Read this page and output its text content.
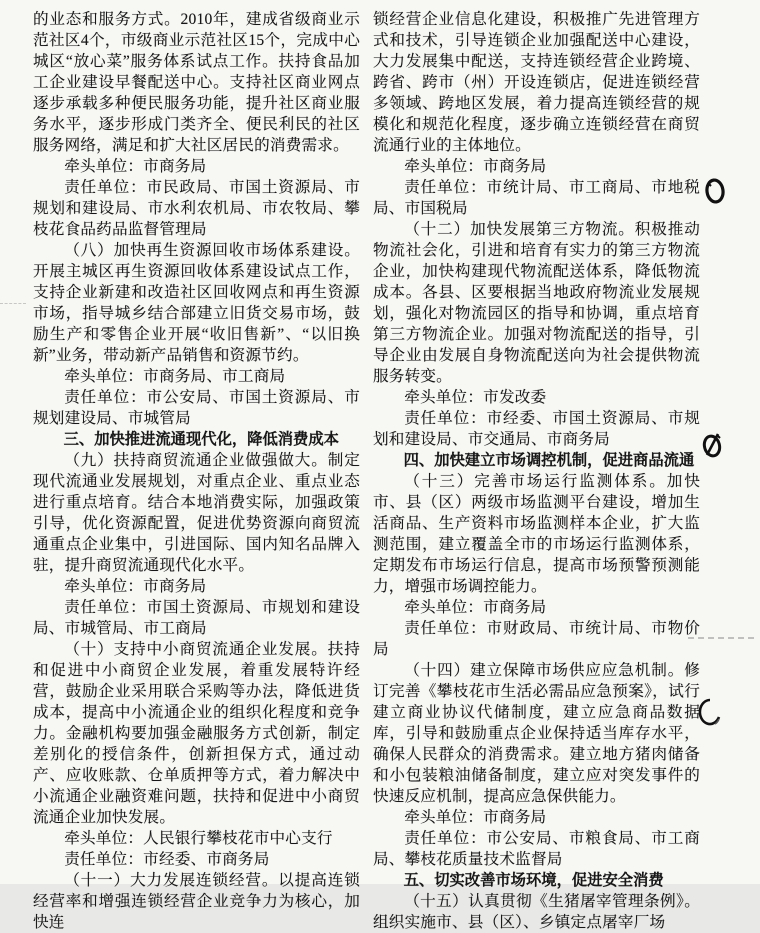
的业态和服务方式。2010年，建成省级商业示范社区4个，市级商业示范社区15个，完成中心城区“放心菜”服务体系试点工作。扶持食品加工企业建设早餐配送中心。支持社区商业网点逐步承载多种便民服务功能，提升社区商业服务水平，逐步形成门类齐全、便民利民的社区服务网络，满足和扩大社区居民的消费需求。

牵头单位：市商务局

责任单位：市民政局、市国土资源局、市规划和建设局、市水利农机局、市农牧局、攀枝花食品药品监督管理局

（八）加快再生资源回收市场体系建设。开展主城区再生资源回收体系建设试点工作，支持企业新建和改造社区回收网点和再生资源市场，指导城乡结合部建立旧货交易市场，鼓励生产和零售企业开展“收旧售新”、“以旧换新”业务，带动新产品销售和资源节约。

牵头单位：市商务局、市工商局

责任单位：市公安局、市国土资源局、市规划建设局、市城管局

三、加快推进流通现代化，降低消费成本

（九）扶持商贸流通企业做强做大。制定现代流通业发展规划，对重点企业、重点业态进行重点培育。结合本地消费实际，加强政策引导，优化资源配置，促进优势资源向商贸流通重点企业集中，引进国际、国内知名品牌入驻，提升商贸流通现代化水平。

牵头单位：市商务局

责任单位：市国土资源局、市规划和建设局、市城管局、市工商局

（十）支持中小商贸流通企业发展。扶持和促进中小商贸企业发展，着重发展特许经营，鼓励企业采用联合采购等办法，降低进货成本，提高中小流通企业的组织化程度和竞争力。金融机构要加强金融服务方式创新，制定差别化的授信条件，创新担保方式，通过动产、应收账款、仓单质押等方式，着力解决中小流通企业融资难问题，扶持和促进中小商贸流通企业加快发展。

牵头单位：人民银行攀枝花市中心支行

责任单位：市经委、市商务局

（十一）大力发展连锁经营。以提高连锁经营率和增强连锁经营企业竞争力为核心，加快连

锁经营企业信息化建设，积极推广先进管理方式和技术，引导连锁企业加强配送中心建设，大力发展集中配送，支持连锁经营企业跨境、跨省、跨市（州）开设连锁店，促进连锁经营多领域、跨地区发展，着力提高连锁经营的规模化和规范化程度，逐步确立连锁经营在商贸流通行业的主体地位。

牵头单位：市商务局

责任单位：市统计局、市工商局、市地税局、市国税局

（十二）加快发展第三方物流。积极推动物流社会化，引进和培育有实力的第三方物流企业，加快构建现代物流配送体系，降低物流成本。各县、区要根据当地政府物流业发展规划，强化对物流园区的指导和协调，重点培育第三方物流企业。加强对物流配送的指导，引导企业由发展自身物流配送向为社会提供物流服务转变。

牵头单位：市发改委

责任单位：市经委、市国土资源局、市规划和建设局、市交通局、市商务局

四、加快建立市场调控机制，促进商品流通

（十三）完善市场运行监测体系。加快市、县（区）两级市场监测平台建设，增加生活商品、生产资料市场监测样本企业，扩大监测范围，建立覆盖全市的市场运行监测体系，定期发布市场运行信息，提高市场预警预测能力，增强市场调控能力。

牵头单位：市商务局

责任单位：市财政局、市统计局、市物价局

（十四）建立保障市场供应应急机制。修订完善《攀枝花市生活必需品应急预案》，试行建立商业协议代储制度，建立应急商品数据库，引导和鼓励重点企业保持适当库存水平，确保人民群众的消费需求。建立地方猪肉储备和小包装粮油储备制度，建立应对突发事件的快速反应机制，提高应急保供能力。

牵头单位：市商务局

责任单位：市公安局、市粮食局、市工商局、攀枝花质量技术监督局

五、切实改善市场环境，促进安全消费

（十五）认真贯彻《生猪屠宰管理条例》。组织实施市、县（区）、乡镇定点屠宰厂场
